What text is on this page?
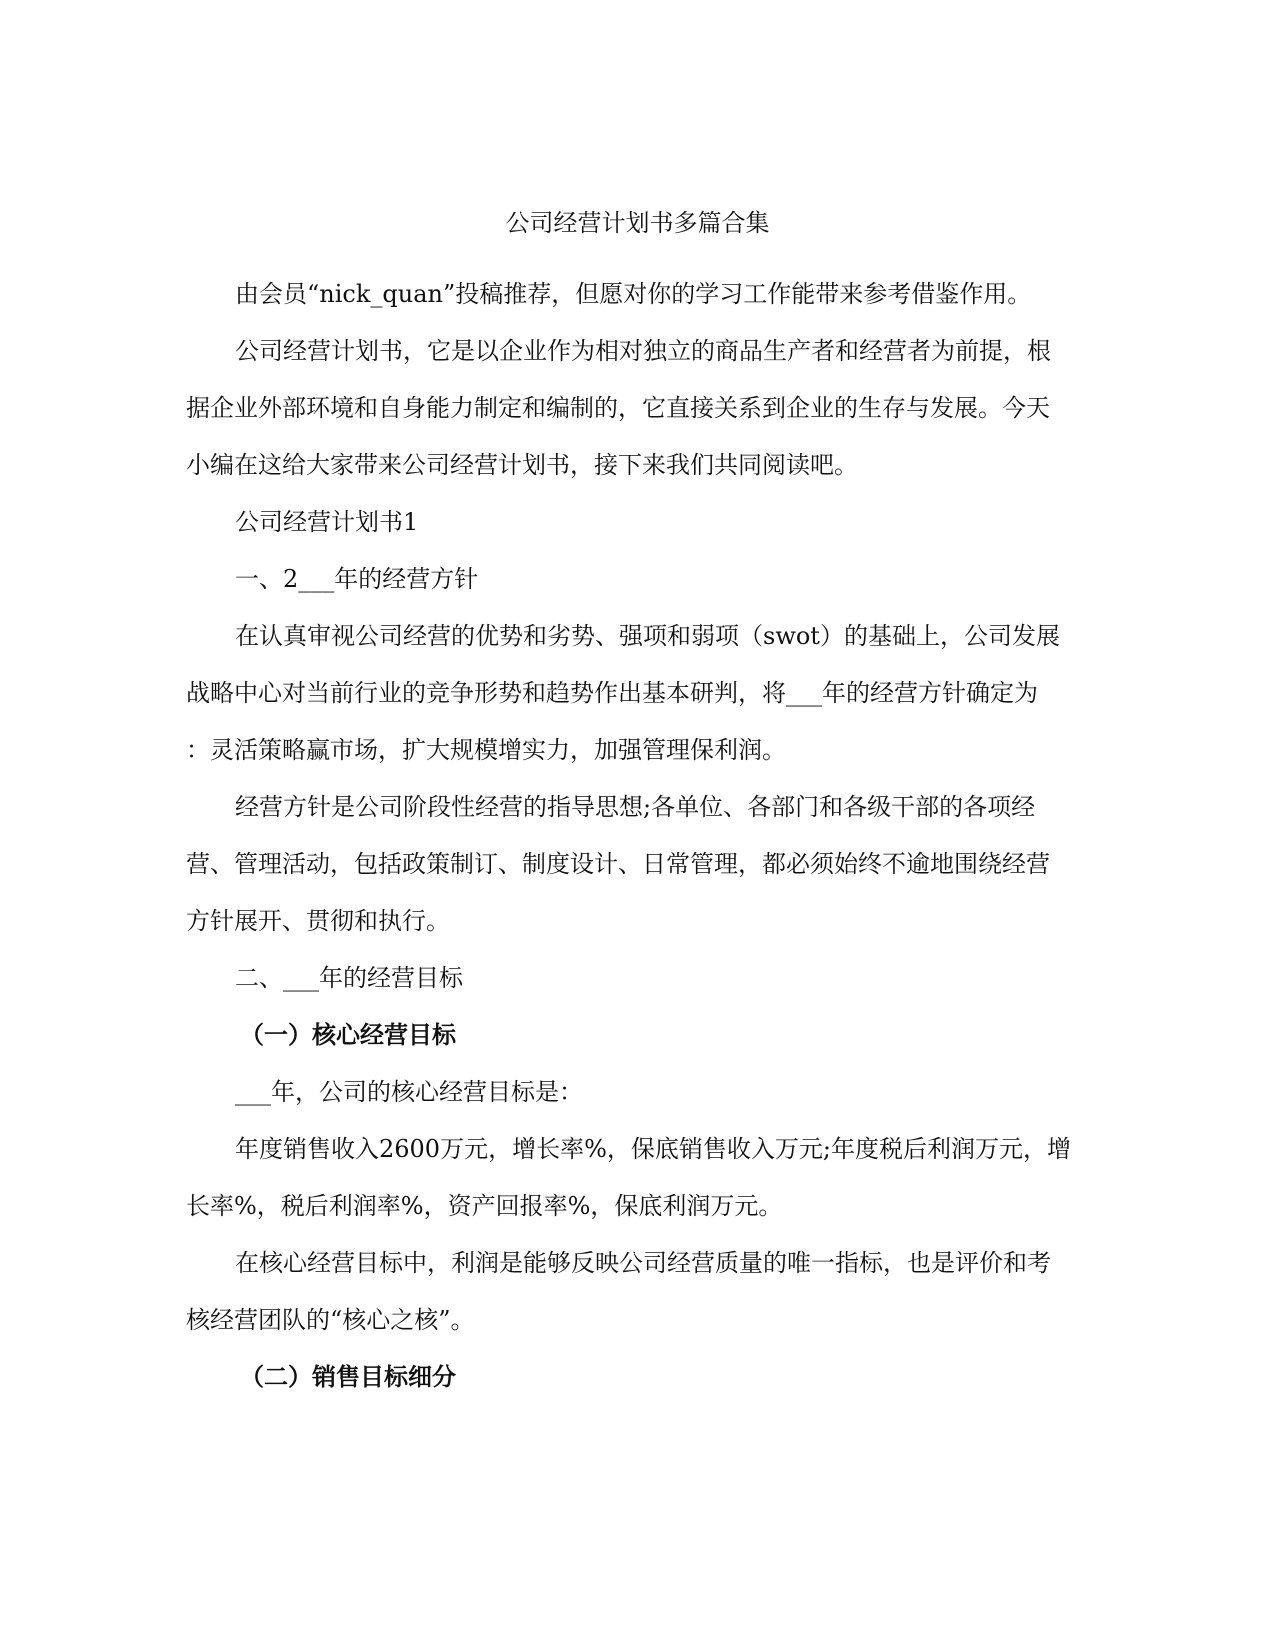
公司经营计划书多篇合集
由会员“nick_quan”投稿推荐，但愿对你的学习工作能带来参考借鉴作用。
公司经营计划书，它是以企业作为相对独立的商品生产者和经营者为前提，根
据企业外部环境和自身能力制定和编制的，它直接关系到企业的生存与发展。今天
小编在这给大家带来公司经营计划书，接下来我们共同阅读吧。
公司经营计划书1
一、2___年的经营方针
在认真审视公司经营的优势和劣势、强项和弱项（swot）的基础上，公司发展
战略中心对当前行业的竞争形势和趋势作出基本研判，将___年的经营方针确定为
：灵活策略赢市场，扩大规模增实力，加强管理保利润。
经营方针是公司阶段性经营的指导思想;各单位、各部门和各级干部的各项经
营、管理活动，包括政策制订、制度设计、日常管理，都必须始终不逾地围绕经营
方针展开、贯彻和执行。
二、___年的经营目标
（一）核心经营目标
___年，公司的核心经营目标是：
年度销售收入2600万元，增长率%，保底销售收入万元;年度税后利润万元，增
长率%，税后利润率%，资产回报率%，保底利润万元。
在核心经营目标中，利润是能够反映公司经营质量的唯一指标，也是评价和考
核经营团队的“核心之核”。
（二）销售目标细分
